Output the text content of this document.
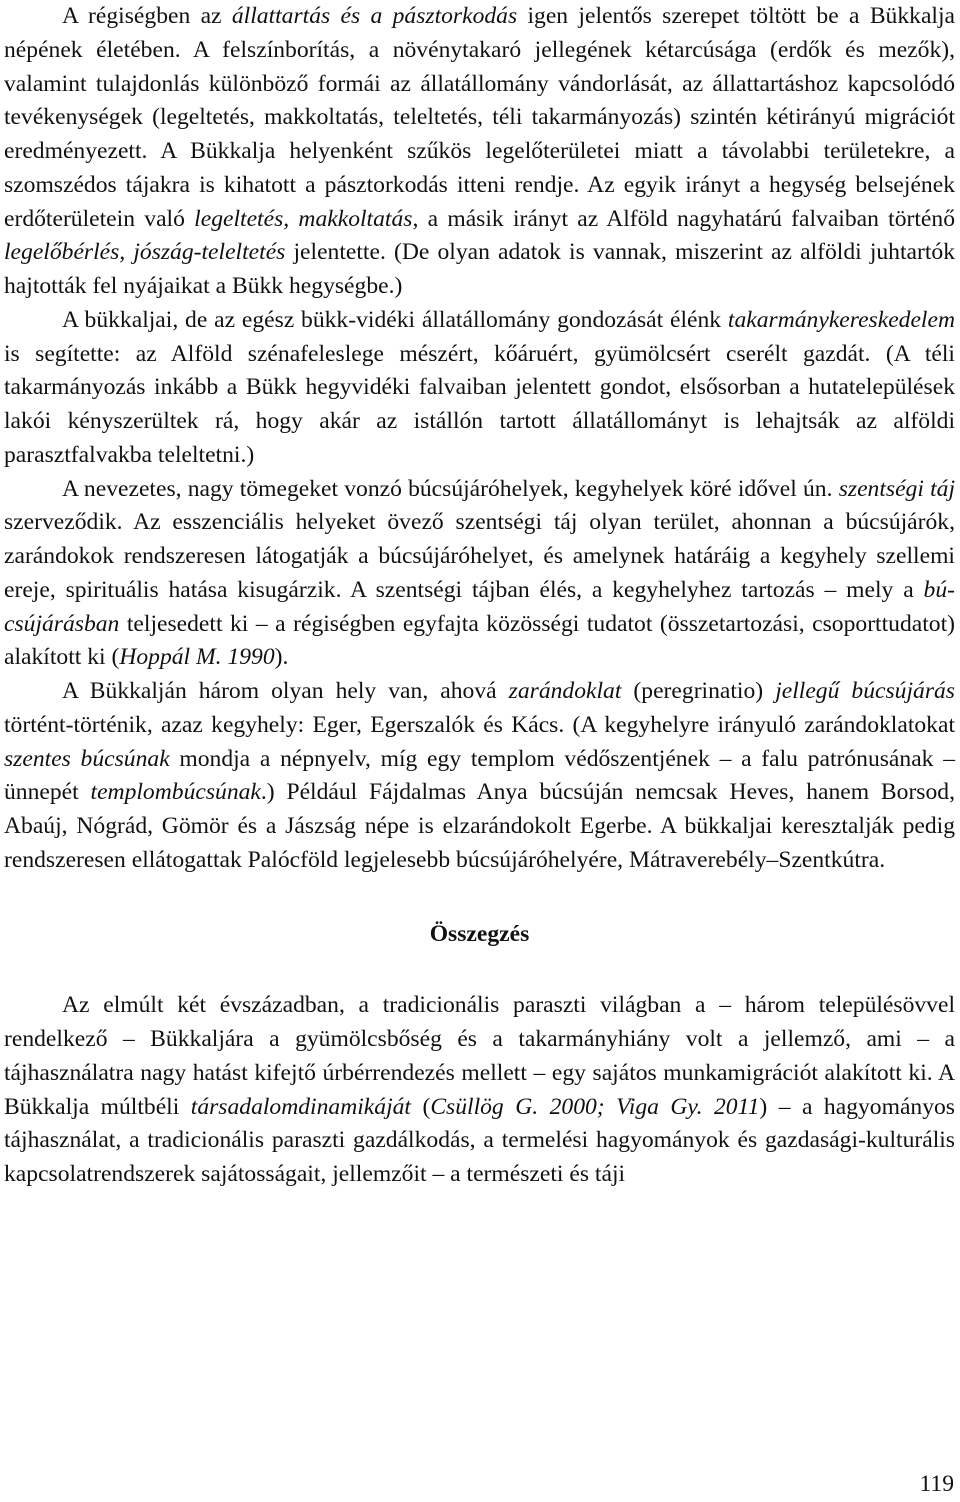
A régiségben az állattartás és a pásztorkodás igen jelentős szerepet töltött be a Bükkalja népének életében. A felszínborítás, a növénytakaró jellegének kétarcúsága (erdők és mezők), valamint tulajdonlás különböző formái az állatállomány vándorlását, az állattartáshoz kapcsolódó tevékenységek (legeltetés, makkoltatás, teleltetés, téli takarmányozás) szintén kétirányú migrációt eredményezett. A Bükkalja helyenként szűkös legelőterületei miatt a távolabbi területekre, a szomszédos tájakra is kihatott a pásztorkodás itteni rendje. Az egyik irányt a hegység belsejének erdőterületein való legeltetés, makkoltatás, a másik irányt az Alföld nagyhatárú falvaiban történő legelőbérlés, jószág-teleltetés jelentette. (De olyan adatok is vannak, miszerint az alföldi juhtartók hajtották fel nyájaikat a Bükk hegységbe.)
A bükkaljai, de az egész bükk-vidéki állatállomány gondozását élénk takarmánykereskedelem is segítette: az Alföld szénafeleslege mészért, kőáruért, gyümölcsért cserélt gazdát. (A téli takarmányozás inkább a Bükk hegyvidéki falvaiban jelentett gondot, elsősorban a hutatelepülések lakói kényszerültek rá, hogy akár az istállón tartott állatállományt is lehajtsák az alföldi parasztfalvakba teleltetni.)
A nevezetes, nagy tömegeket vonzó búcsújáróhelyek, kegyhelyek köré idővel ún. szentségi táj szerveződik. Az esszenciális helyeket övező szentségi táj olyan terület, ahonnan a búcsújárók, zarándokok rendszeresen látogatják a búcsújáróhelyet, és amelynek határáig a kegyhely szellemi ereje, spirituális hatása kisugárzik. A szentségi tájban élés, a kegyhelyhez tartozás – mely a búcsújárásban teljesedett ki – a régiségben egyfajta közösségi tudatot (összetartozási, csoporttudatot) alakított ki (Hoppál M. 1990).
A Bükkalján három olyan hely van, ahová zarándoklat (peregrinatio) jellegű búcsújárás történt-történik, azaz kegyhely: Eger, Egerszalók és Kács. (A kegyhelyre irányuló zarándoklatokat szentes búcsúnak mondja a népnyelv, míg egy templom védőszentjének – a falu patrónusának – ünnepét templombúcsúnak.) Például Fájdalmas Anya búcsúján nemcsak Heves, hanem Borsod, Abaúj, Nógrád, Gömör és a Jászság népe is elzarándokolt Egerbe. A bükkaljai keresztalják pedig rendszeresen ellátogattak Palócföld legjelesebb búcsújáróhelyére, Mátraverebély–Szentkútra.
Összegzés
Az elmúlt két évszázadban, a tradicionális paraszti világban a – három településövvel rendelkező – Bükkaljára a gyümölcsbőség és a takarmányhiány volt a jellemző, ami – a tájhasználatra nagy hatást kifejtő úrbérrendezés mellett – egy sajátos munkamigrációt alakított ki. A Bükkalja múltbéli társadalomdinamikáját (Csüllög G. 2000; Viga Gy. 2011) – a hagyományos tájhasználat, a tradicionális paraszti gazdálkodás, a termelési hagyományok és gazdasági-kulturális kapcsolatrendszerek sajátosságait, jellemzőit – a természeti és táji
119
